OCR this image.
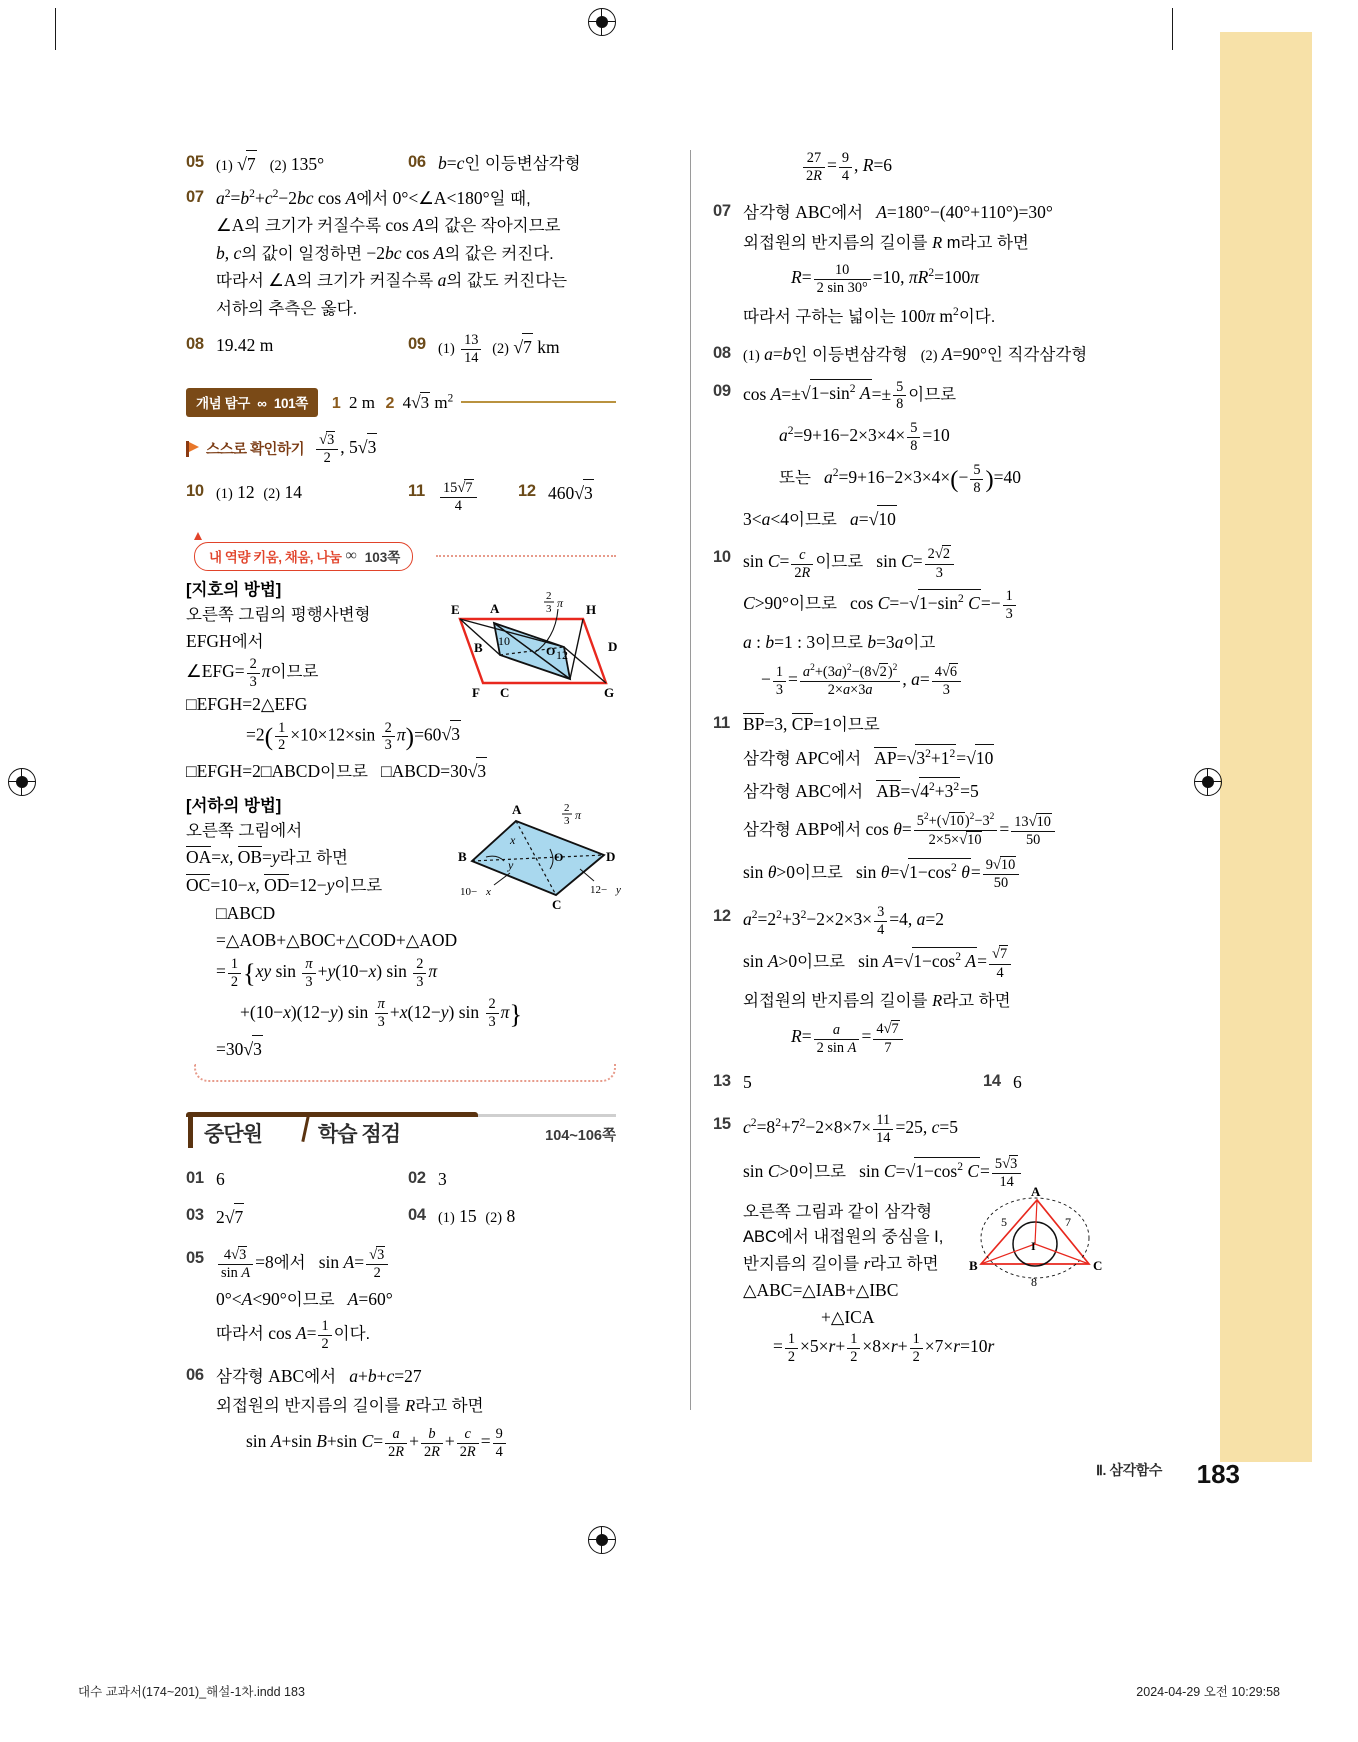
05 (1) √7 (2) 135°	06 b=c인 이등변삼각형
07 $a^2=b^2+c^2-2bc$ cos A에서 0°<∠A<180°일 때,
∠A의 크기가 커질수록 cos A의 값은 작아지므로
b, c의 값이 일정하면 −2bc cos A의 값은 커진다.
따라서 ∠A의 크기가 커질수록 a의 값도 커진다는
서하의 추측은 옳다.
08 19.42 m	09 $(1) \frac{13}{14} (2)$ √7 km
개념 탐구 ∞ 101쪽	1 2 m  2 4√3 $m^2$
스스로 확인하기 $\frac{√3}{2}$ , 5√3
10 (1) 12  (2) 14	11	$\frac{15√7}{4}$	12 460√3
내 역량 키움, 채움, 나눔 ∞ 103쪽
[지호의 방법]
오른쪽 그림의 평행사변형
EFGH에서
∠EFG= $\frac{2}{3}$ π이므로
□EFGH=2△EFG
$=2( \frac{1}{2} \times 10\times 12\times\sin \frac{2}{3} \pi)=60√3$
□EFGH=2□ABCD이므로   □ABCD=30√3
E A	H
B	D
F C	G
10
12
O
2
3 π
[서하의 방법]
오른쪽 그림에서
OA=x, OB=y라고 하면
OC=10−x, OD=12−y이므로
□ABCD
=△AOB+△BOC+△COD+△AOD
= $\frac{1}{2} \{xy$ $\sin \frac{\pi}{3} +y(10-x)$ $\sin \frac{2}{3}$ π
+(10−x)(12−y) $\sin \frac{\pi}{3} +x(12-y)$ $\sin \frac{2}{3} \pi$}
=30√3
A
B	D
C
O
x
y
10− x	12− y
2
3 π
중단원	학습 점검	104~106쪽
01 6	02 3
03 2√7	04 (1) 15  (2) 8
$05 \frac{4√3}{\text{sin A}} =8$에서   $\sin A= \frac{√3}{2}$
0°<A<90°이므로 A=60°
따라서 $\cos A= \frac{1}{2}$ 이다.
06 삼각형 ABC에서 a+b+c=27
외접원의 반지름의 길이를 R라고 하면
sin A+sin B+sin $C= \frac{a}{2R} + \frac{b}{2R} + \frac{c}{2R} = \frac{9}{4}$
$\frac{27}{2R} = \frac{9}{4}$ , R=6
07 삼각형 ABC에서 A=180°−(40°+110°)=30°
외접원의 반지름의 길이를 R m라고 하면
$R= \frac{10}{2 \sin 30^\circ} =10$, $\pi R^2=100\pi$
따라서 구하는 넓이는 100π $m^2$이다.
08 (1) a=b인 이등변삼각형 (2) A=90°인 직각삼각형
09 $\cos A=\pm√1-\sin^2$ $A=\pm \frac{5}{8}$ 이므로
$a^2=9+16-2\times 3\times 4\times \frac{5}{8} =10$
또는 $a^2=9+16-2\times 3\times 4\times(- \frac{5}{8} )=40$
3<a<4이므로 a=√10
10 $\sin C= \frac{c}{2R}$ 이므로   $\sin C= \frac{2√2}{3}$
C>90°이므로   $\cos C=-√1-\sin^2$ $C=- \frac{1}{3}$
a : b=1 : 3이므로 b=3a이고
− $\frac{1}{3} = \frac{a^2+(3a)^2-(8√2)^2}{2\times a\times 3a}$ , $a= \frac{4√6}{3}$
11 BP=3, CP=1이므로
삼각형 APC에서 $AP=√3^2+1^2=√10$
삼각형 ABC에서 $AB=√4^2+3^2=5$
삼각형 ABP에서 $\cos \theta= \frac{5^2+(√10)^2-3^2}{2\times 5\times√10} = \frac{13√10}{50}$
sin θ>0이므로   $\sin \theta=√1-\cos^2$ $\theta= \frac{9√10}{50}$
12 $a^2=2^2+3^2-2\times 2\times 3\times \frac{3}{4} =4$, a=2
sin A>0이므로   $\sin A=√1-\cos^2$ $A= \frac{√7}{4}$
외접원의 반지름의 길이를 R라고 하면
$R= \frac{a}{\text{2 sin A}} = \frac{4√7}{7}$
13 5	14 6
15 $c^2=8^2+7^2-2\times 8\times 7\times \frac{11}{14} =25$, c=5
sin C>0이므로   $\sin C=√1-\cos^2$ $C= \frac{5√3}{14}$
오른쪽 그림과 같이 삼각형
ABC에서 내접원의 중심을 I,
반지름의 길이를 r라고 하면
△ABC=△IAB+△IBC
+△ICA
= $\frac{1}{2} \times 5\times r+ \frac{1}{2} \times 8\times r+ \frac{1}{2} \times 7\times r=10r$
A
B	C
I
5	7
8
Ⅱ. 삼각함수 183
대수 교과서(174~201)_해설-1차.indd 183	2024-04-29 오전 10:29:58
